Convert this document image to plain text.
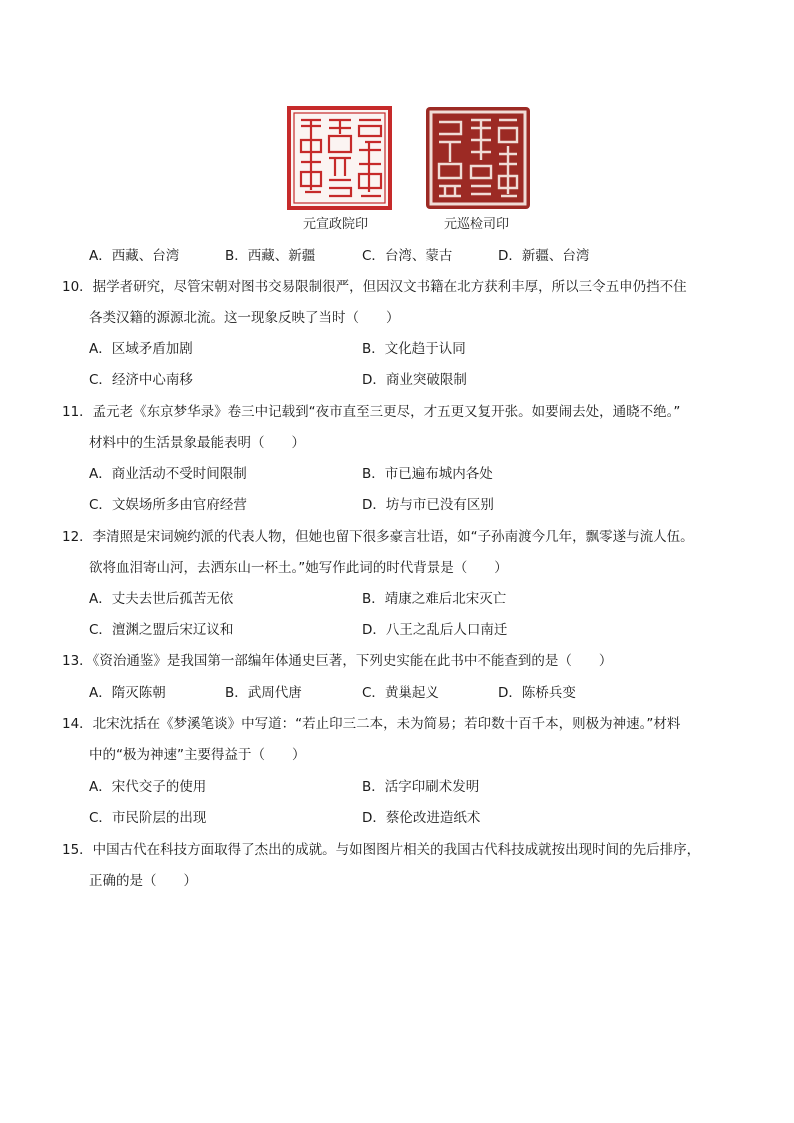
元宣政院印	元巡检司印
A．西藏、台湾	B．西藏、新疆	C．台湾、蒙古	D．新疆、台湾
10．据学者研究，尽管宋朝对图书交易限制很严，但因汉文书籍在北方获利丰厚，所以三令五申仍挡不住
各类汉籍的源源北流。这一现象反映了当时（　　）
A．区域矛盾加剧	B．文化趋于认同
C．经济中心南移	D．商业突破限制
11．孟元老《东京梦华录》卷三中记载到“夜市直至三更尽，才五更又复开张。如要闹去处，通晓不绝。”
材料中的生活景象最能表明（　　）
A．商业活动不受时间限制	B．市已遍布城内各处
C．文娱场所多由官府经营	D．坊与市已没有区别
12．李清照是宋词婉约派的代表人物，但她也留下很多豪言壮语，如“子孙南渡今几年，飘零遂与流人伍。
欲将血泪寄山河，去洒东山一杯土。”她写作此词的时代背景是（　　）
A．丈夫去世后孤苦无依	B．靖康之难后北宋灭亡
C．澶渊之盟后宋辽议和	D．八王之乱后人口南迁
13．《资治通鉴》是我国第一部编年体通史巨著，下列史实能在此书中不能查到的是（　　）
A．隋灭陈朝	B．武周代唐	C．黄巢起义	D．陈桥兵变
14．北宋沈括在《梦溪笔谈》中写道：“若止印三二本，未为简易；若印数十百千本，则极为神速。”材料
中的“极为神速”主要得益于（　　）
A．宋代交子的使用	B．活字印刷术发明
C．市民阶层的出现	D．蔡伦改进造纸术
15．中国古代在科技方面取得了杰出的成就。与如图图片相关的我国古代科技成就按出现时间的先后排序，
正确的是（　　）
